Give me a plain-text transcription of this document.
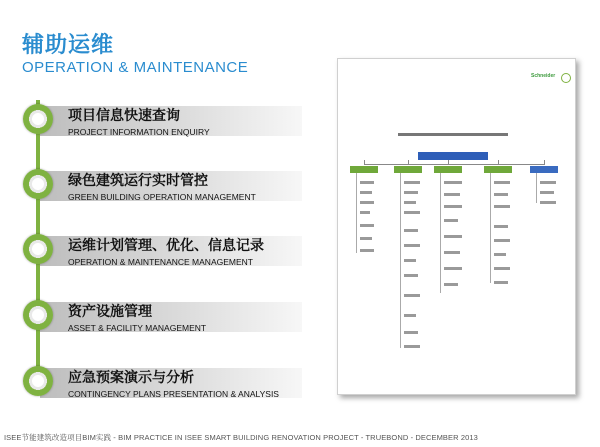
辅助运维
OPERATION & MAINTENANCE
项目信息快速查询
PROJECT INFORMATION ENQUIRY
绿色建筑运行实时管控
GREEN BUILDING OPERATION MANAGEMENT
运维计划管理、优化、信息记录
OPERATION & MAINTENANCE MANAGEMENT
资产设施管理
ASSET & FACILITY MANAGEMENT
应急预案演示与分析
CONTINGENCY PLANS PRESENTATION & ANALYSIS
Schneider
ISEE节能建筑改造项目BIM实践 - BIM PRACTICE IN ISEE SMART BUILDING RENOVATION PROJECT - TRUEBOND - DECEMBER 2013
